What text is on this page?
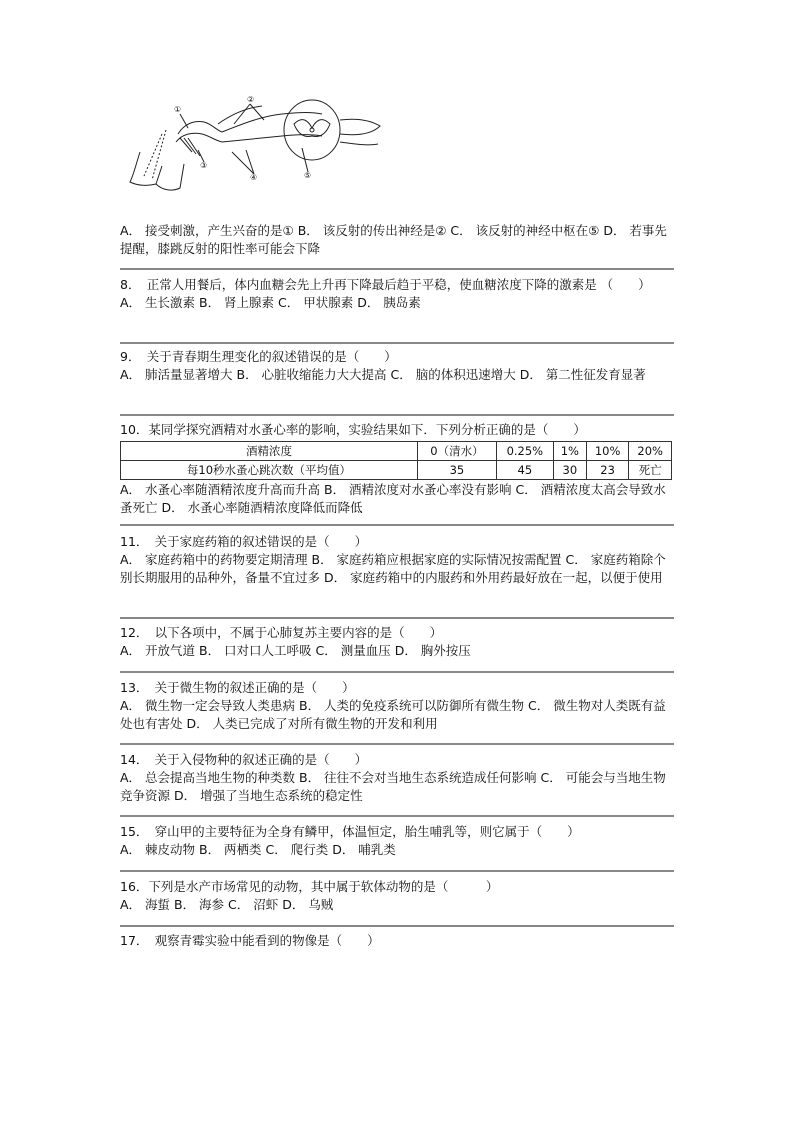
①
②
③
④	⑤

A． 接受刺激，产生兴奋的是① B． 该反射的传出神经是② C． 该反射的神经中枢在⑤ D． 若事先提醒，膝跳反射的阳性率可能会下降

8．　正常人用餐后，体内血糖会先上升再下降最后趋于平稳，使血糖浓度下降的激素是 （　　）

A． 生长激素 B． 肾上腺素 C． 甲状腺素 D． 胰岛素

9．　关于青春期生理变化的叙述错误的是（　　）

A． 肺活量显著增大 B． 心脏收缩能力大大提高 C． 脑的体积迅速增大 D． 第二性征发育显著

10．某同学探究酒精对水蚤心率的影响，实验结果如下．下列分析正确的是（　　）

酒精浓度	0（清水）	0.25%	1%	10%	20%
每10秒水蚤心跳次数（平均值）	35	45	30	23	死亡

A． 水蚤心率随酒精浓度升高而升高 B． 酒精浓度对水蚤心率没有影响 C． 酒精浓度太高会导致水蚤死亡 D． 水蚤心率随酒精浓度降低而降低

11．　关于家庭药箱的叙述错误的是（　　）

A． 家庭药箱中的药物要定期清理 B． 家庭药箱应根据家庭的实际情况按需配置 C． 家庭药箱除个别长期服用的品种外，备量不宜过多 D． 家庭药箱中的内服药和外用药最好放在一起，以便于使用

12．　以下各项中，不属于心肺复苏主要内容的是（　　）

A． 开放气道 B． 口对口人工呼吸 C． 测量血压 D． 胸外按压

13．　关于微生物的叙述正确的是（　　）

A． 微生物一定会导致人类患病 B． 人类的免疫系统可以防御所有微生物 C． 微生物对人类既有益处也有害处 D． 人类已完成了对所有微生物的开发和利用

14．　关于入侵物种的叙述正确的是（　　）

A． 总会提高当地生物的种类数 B． 往往不会对当地生态系统造成任何影响 C． 可能会与当地生物竞争资源 D． 增强了当地生态系统的稳定性

15．　穿山甲的主要特征为全身有鳞甲，体温恒定，胎生哺乳等，则它属于（　　）

A． 棘皮动物 B． 两栖类 C． 爬行类 D． 哺乳类

16．下列是水产市场常见的动物，其中属于软体动物的是（　　　）

A． 海蜇 B． 海参 C． 沼虾 D． 乌贼

17．　观察青霉实验中能看到的物像是（　　）
